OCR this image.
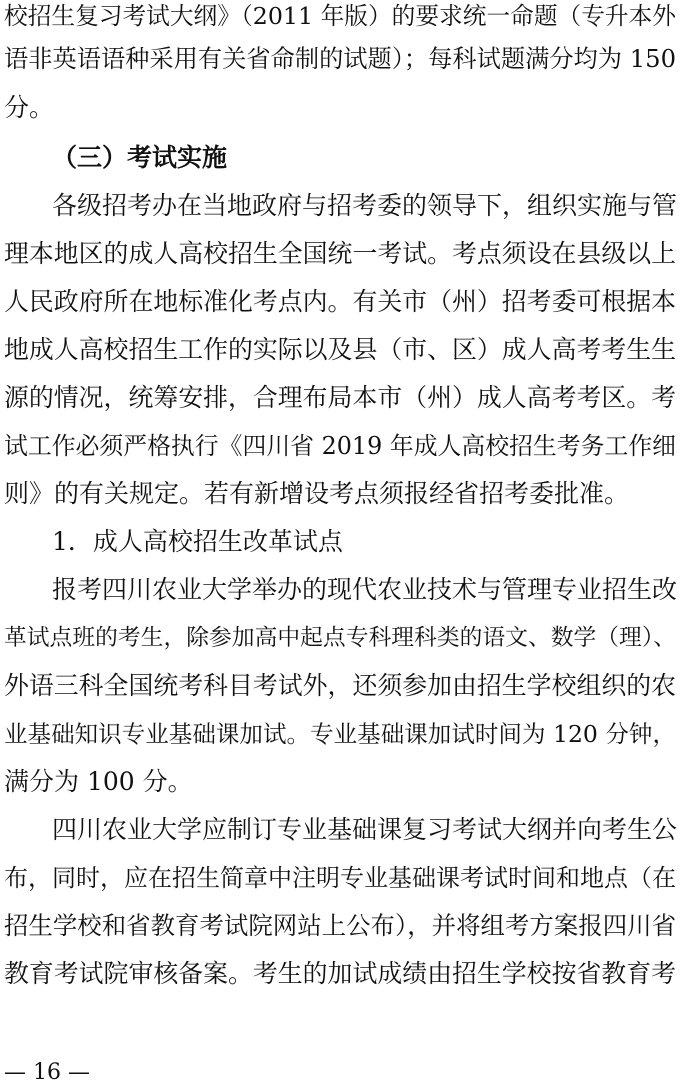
校招生复习考试大纲》（2011 年版）的要求统一命题（专升本外
语非英语语种采用有关省命制的试题）；每科试题满分均为 150
分。
（三）考试实施
各级招考办在当地政府与招考委的领导下，组织实施与管
理本地区的成人高校招生全国统一考试。考点须设在县级以上
人民政府所在地标准化考点内。有关市（州）招考委可根据本
地成人高校招生工作的实际以及县（市、区）成人高考考生生
源的情况，统筹安排，合理布局本市（州）成人高考考区。考
试工作必须严格执行《四川省 2019 年成人高校招生考务工作细
则》的有关规定。若有新增设考点须报经省招考委批准。
1．成人高校招生改革试点
报考四川农业大学举办的现代农业技术与管理专业招生改
革试点班的考生，除参加高中起点专科理科类的语文、数学（理）、
外语三科全国统考科目考试外，还须参加由招生学校组织的农
业基础知识专业基础课加试。专业基础课加试时间为 120 分钟，
满分为 100 分。
四川农业大学应制订专业基础课复习考试大纲并向考生公
布，同时，应在招生简章中注明专业基础课考试时间和地点（在
招生学校和省教育考试院网站上公布），并将组考方案报四川省
教育考试院审核备案。考生的加试成绩由招生学校按省教育考
— 16 —
